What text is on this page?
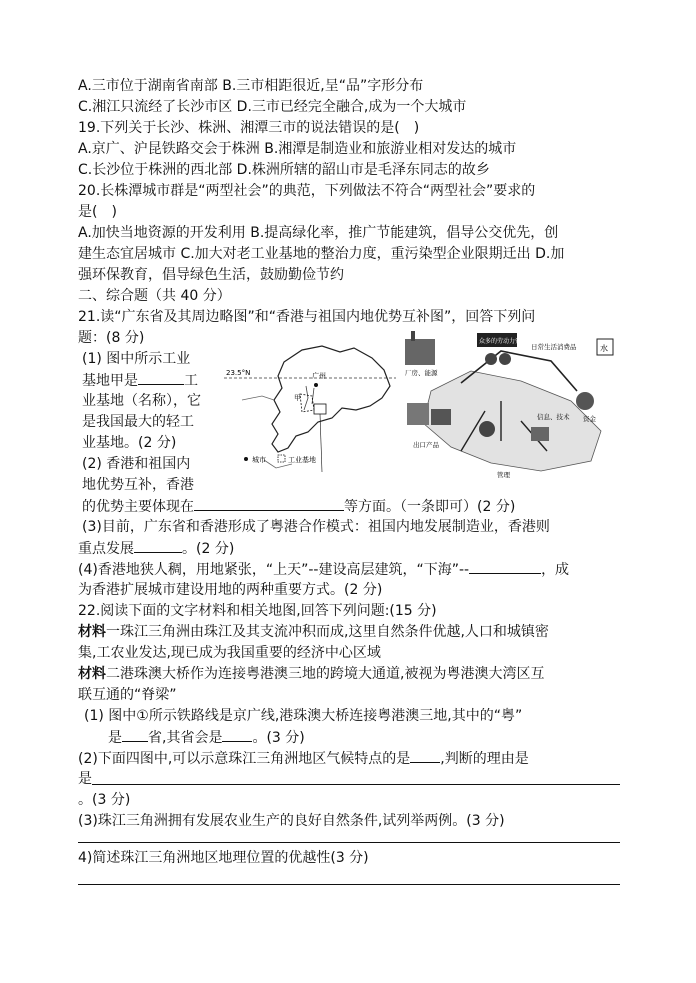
A.三市位于湖南省南部 B.三市相距很近,呈“品”字形分布
C.湘江只流经了长沙市区 D.三市已经完全融合,成为一个大城市
19.下列关于长沙、株洲、湘潭三市的说法错误的是(　)
A.京广、沪昆铁路交会于株洲 B.湘潭是制造业和旅游业相对发达的城市
C.长沙位于株洲的西北部 D.株洲所辖的韶山市是毛泽东同志的故乡
20.长株潭城市群是“两型社会”的典范，下列做法不符合“两型社会”要求的
是(　)
A.加快当地资源的开发利用 B.提高绿化率，推广节能建筑，倡导公交优先，创
建生态宜居城市 C.加大对老工业基地的整治力度，重污染型企业限期迁出 D.加
强环保教育，倡导绿色生活，鼓励勤俭节约
二、综合题（共 40 分）
21.读“广东省及其周边略图”和“香港与祖国内地优势互补图”，回答下列问
题：(8 分)
(1) 图中所示工业
基地甲是	工
业基地（名称），它
是我国最大的轻工
业基地。(2 分)
(2) 香港和祖国内
地优势互补，香港
的优势主要体现在	等方面。（一条即可）(2 分)
(3)目前，广东省和香港形成了粤港合作模式：祖国内地发展制造业，香港则
重点发展	。(2 分)
(4)香港地狭人稠，用地紧张，“上天”--建设高层建筑，“下海”--	，成
为香港扩展城市建设用地的两种重要方式。(2 分)
22.阅读下面的文字材料和相关地图,回答下列问题:(15 分)
材料一珠江三角洲由珠江及其支流冲积而成,这里自然条件优越,人口和城镇密
集,工农业发达,现已成为我国重要的经济中心区域
材料二港珠澳大桥作为连接粤港澳三地的跨境大通道,被视为粤港澳大湾区互
联互通的“脊梁”
(1) 图中①所示铁路线是京广线,港珠澳大桥连接粤港澳三地,其中的“粤”
是 省,其省会是 。(3 分)
(2)下面四图中,可以示意珠江三角洲地区气候特点的是 ,判断的理由是
是
。(3 分)
(3)珠江三角洲拥有发展农业生产的良好自然条件,试列举两例。(3 分)
4)简述珠江三角洲地区地理位置的优越性(3 分)
23.5°N	广州
甲
城市	工业基地
厂房、能源
众多的劳动力资源
日常生活消费品	水
出口产品
资金
信息、技术
管理
